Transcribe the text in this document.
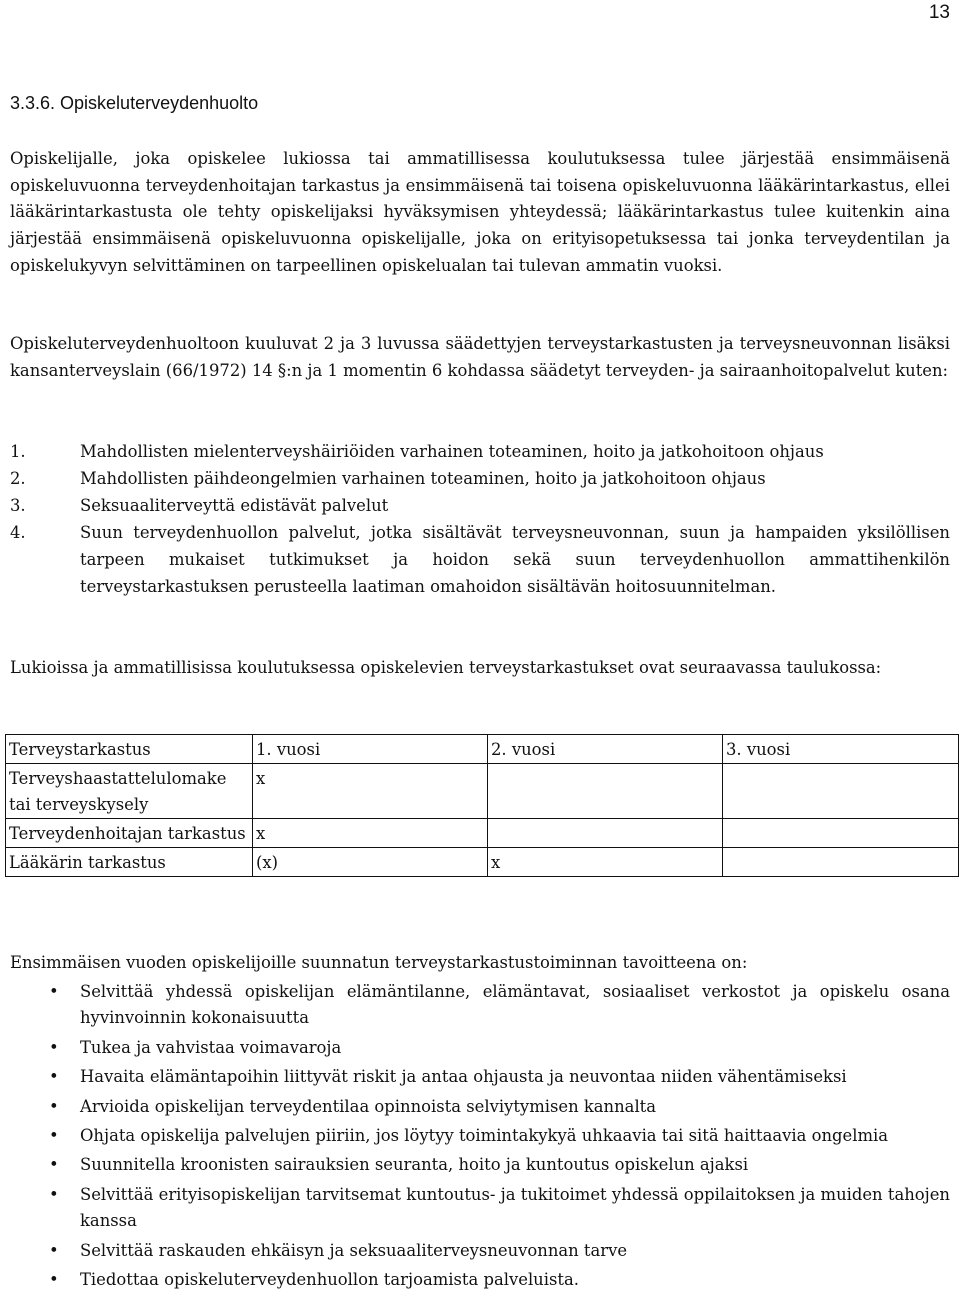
13
3.3.6. Opiskeluterveydenhuolto

Opiskelijalle, joka opiskelee lukiossa tai ammatillisessa koulutuksessa tulee järjestää ensimmäisenä opiskeluvuonna terveydenhoitajan tarkastus ja ensimmäisenä tai toisena opiskeluvuonna lääkärintarkastus, ellei lääkärintarkastusta ole tehty opiskelijaksi hyväksymisen yhteydessä; lääkärintarkastus tulee kuitenkin aina järjestää ensimmäisenä opiskeluvuonna opiskelijalle, joka on erityisopetuksessa tai jonka terveydentilan ja opiskelukyvyn selvittäminen on tarpeellinen opiskelualan tai tulevan ammatin vuoksi.

Opiskeluterveydenhuoltoon kuuluvat 2 ja 3 luvussa säädettyjen terveystarkastusten ja terveysneuvonnan lisäksi kansanterveyslain (66/1972) 14 §:n ja 1 momentin 6 kohdassa säädetyt terveyden- ja sairaanhoitopalvelut kuten:

1.	Mahdollisten mielenterveyshäiriöiden varhainen toteaminen, hoito ja jatkohoitoon ohjaus
2.	Mahdollisten päihdeongelmien varhainen toteaminen, hoito ja jatkohoitoon ohjaus
3.	Seksuaaliterveyttä edistävät palvelut
4.	Suun terveydenhuollon palvelut, jotka sisältävät terveysneuvonnan, suun ja hampaiden yksilöllisen tarpeen mukaiset tutkimukset ja hoidon sekä suun terveydenhuollon ammattihenkilön terveystarkastuksen perusteella laatiman omahoidon sisältävän hoitosuunnitelman.

Lukioissa ja ammatillisissa koulutuksessa opiskelevien terveystarkastukset ovat seuraavassa taulukossa:

Terveystarkastus	1. vuosi	2. vuosi	3. vuosi
Terveyshaastattelulomake tai terveyskysely	x		
Terveydenhoitajan tarkastus	x		
Lääkärin tarkastus	(x)	x	

Ensimmäisen vuoden opiskelijoille suunnatun terveystarkastustoiminnan tavoitteena on:

•	Selvittää yhdessä opiskelijan elämäntilanne, elämäntavat, sosiaaliset verkostot ja opiskelu osana hyvinvoinnin kokonaisuutta
•	Tukea ja vahvistaa voimavaroja
•	Havaita elämäntapoihin liittyvät riskit ja antaa ohjausta ja neuvontaa niiden vähentämiseksi
•	Arvioida opiskelijan terveydentilaa opinnoista selviytymisen kannalta
•	Ohjata opiskelija palvelujen piiriin, jos löytyy toimintakykyä uhkaavia tai sitä haittaavia ongelmia
•	Suunnitella kroonisten sairauksien seuranta, hoito ja kuntoutus opiskelun ajaksi
•	Selvittää erityisopiskelijan tarvitsemat kuntoutus- ja tukitoimet yhdessä oppilaitoksen ja muiden tahojen kanssa
•	Selvittää raskauden ehkäisyn ja seksuaaliterveysneuvonnan tarve
•	Tiedottaa opiskeluterveydenhuollon tarjoamista palveluista.
